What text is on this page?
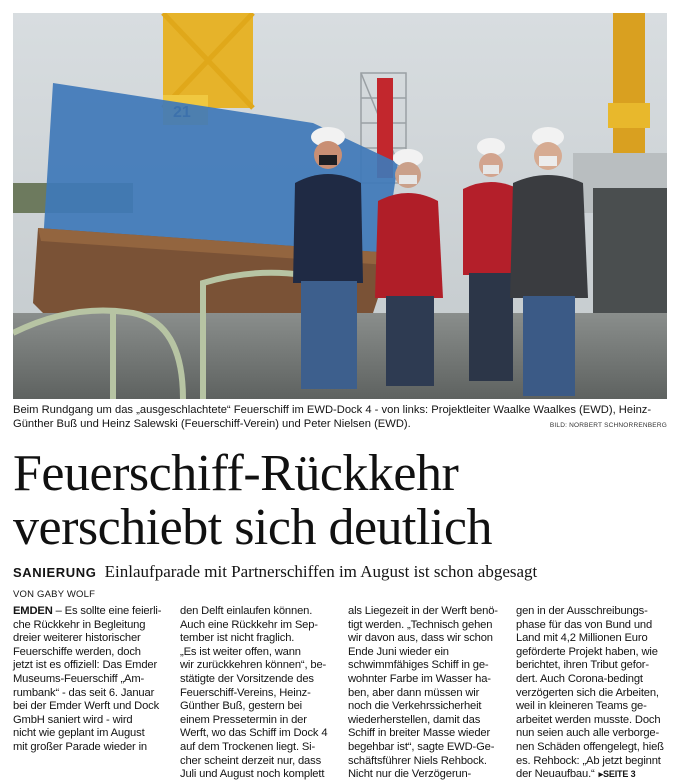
Beim Rundgang um das „ausgeschlachtete“ Feuerschiff im EWD-Dock 4 - von links: Projektleiter Waalke Waalkes (EWD), Heinz-Günther Buß und Heinz Salewski (Feuerschiff-Verein) und Peter Nielsen (EWD).	BILD: NORBERT SCHNORRENBERG
Feuerschiff-Rückkehr
verschiebt sich deutlich
SANIERUNG Einlaufparade mit Partnerschiffen im August ist schon abgesagt
VON GABY WOLF
EMDEN – Es sollte eine feierli-
che Rückkehr in Begleitung
dreier weiterer historischer
Feuerschiffe werden, doch
jetzt ist es offiziell: Das Emder
Museums-Feuerschiff „Am-
rumbank“ - das seit 6. Januar
bei der Emder Werft und Dock
GmbH saniert wird - wird
nicht wie geplant im August
mit großer Parade wieder in
den Delft einlaufen können.
Auch eine Rückkehr im Sep-
tember ist nicht fraglich.
„Es ist weiter offen, wann
wir zurückkehren können“, be-
stätigte der Vorsitzende des
Feuerschiff-Vereins, Heinz-
Günther Buß, gestern bei
einem Pressetermin in der
Werft, wo das Schiff im Dock 4
auf dem Trockenen liegt. Si-
cher scheint derzeit nur, dass
Juli und August noch komplett
als Liegezeit in der Werft benö-
tigt werden. „Technisch gehen
wir davon aus, dass wir schon
Ende Juni wieder ein
schwimmfähiges Schiff in ge-
wohnter Farbe im Wasser ha-
ben, aber dann müssen wir
noch die Verkehrssicherheit
wiederherstellen, damit das
Schiff in breiter Masse wieder
begehbar ist“, sagte EWD-Ge-
schäftsführer Niels Rehbock.
Nicht nur die Verzögerun-
gen in der Ausschreibungs-
phase für das von Bund und
Land mit 4,2 Millionen Euro
geförderte Projekt haben, wie
berichtet, ihren Tribut gefor-
dert. Auch Corona-bedingt
verzögerten sich die Arbeiten,
weil in kleineren Teams ge-
arbeitet werden musste. Doch
nun seien auch alle verborge-
nen Schäden offengelegt, hieß
es. Rehbock: „Ab jetzt beginnt
der Neuaufbau.“ ▸SEITE 3
